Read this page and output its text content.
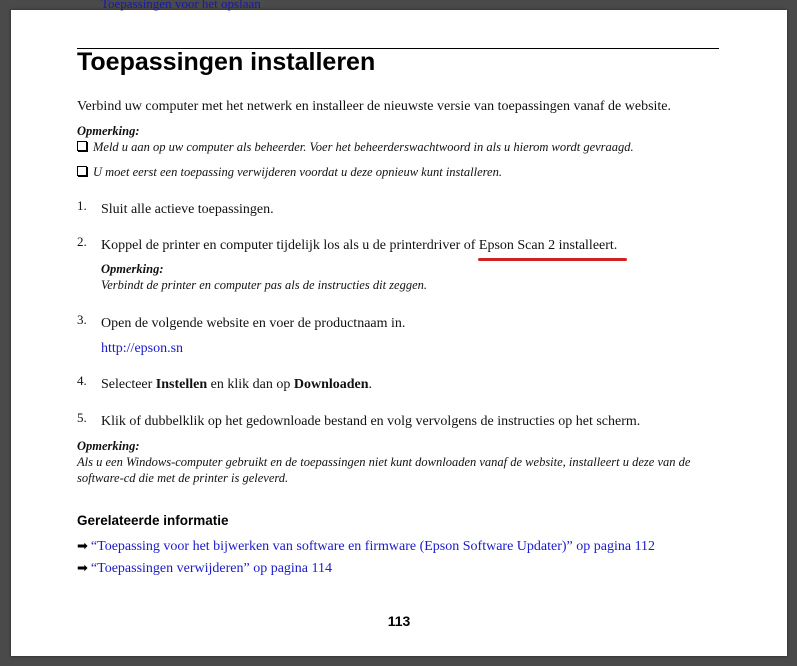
Toepassingen voor het opslaan
Toepassingen installeren

Verbind uw computer met het netwerk en installeer de nieuwste versie van toepassingen vanaf de website.

Opmerking:

Meld u aan op uw computer als beheerder. Voer het beheerderswachtwoord in als u hierom wordt gevraagd.

U moet eerst een toepassing verwijderen voordat u deze opnieuw kunt installeren.

1. Sluit alle actieve toepassingen.

2. Koppel de printer en computer tijdelijk los als u de printerdriver of Epson Scan 2 installeert.

Opmerking:

Verbindt de printer en computer pas als de instructies dit zeggen.

3. Open de volgende website en voer de productnaam in.

http://epson.sn

4. Selecteer Instellen en klik dan op Downloaden.

5. Klik of dubbelklik op het gedownloade bestand en volg vervolgens de instructies op het scherm.

Opmerking:

Als u een Windows-computer gebruikt en de toepassingen niet kunt downloaden vanaf de website, installeert u deze van de

software-cd die met de printer is geleverd.

Gerelateerde informatie

➡ “Toepassing voor het bijwerken van software en firmware (Epson Software Updater)” op pagina 112

➡ “Toepassingen verwijderen” op pagina 114

113
